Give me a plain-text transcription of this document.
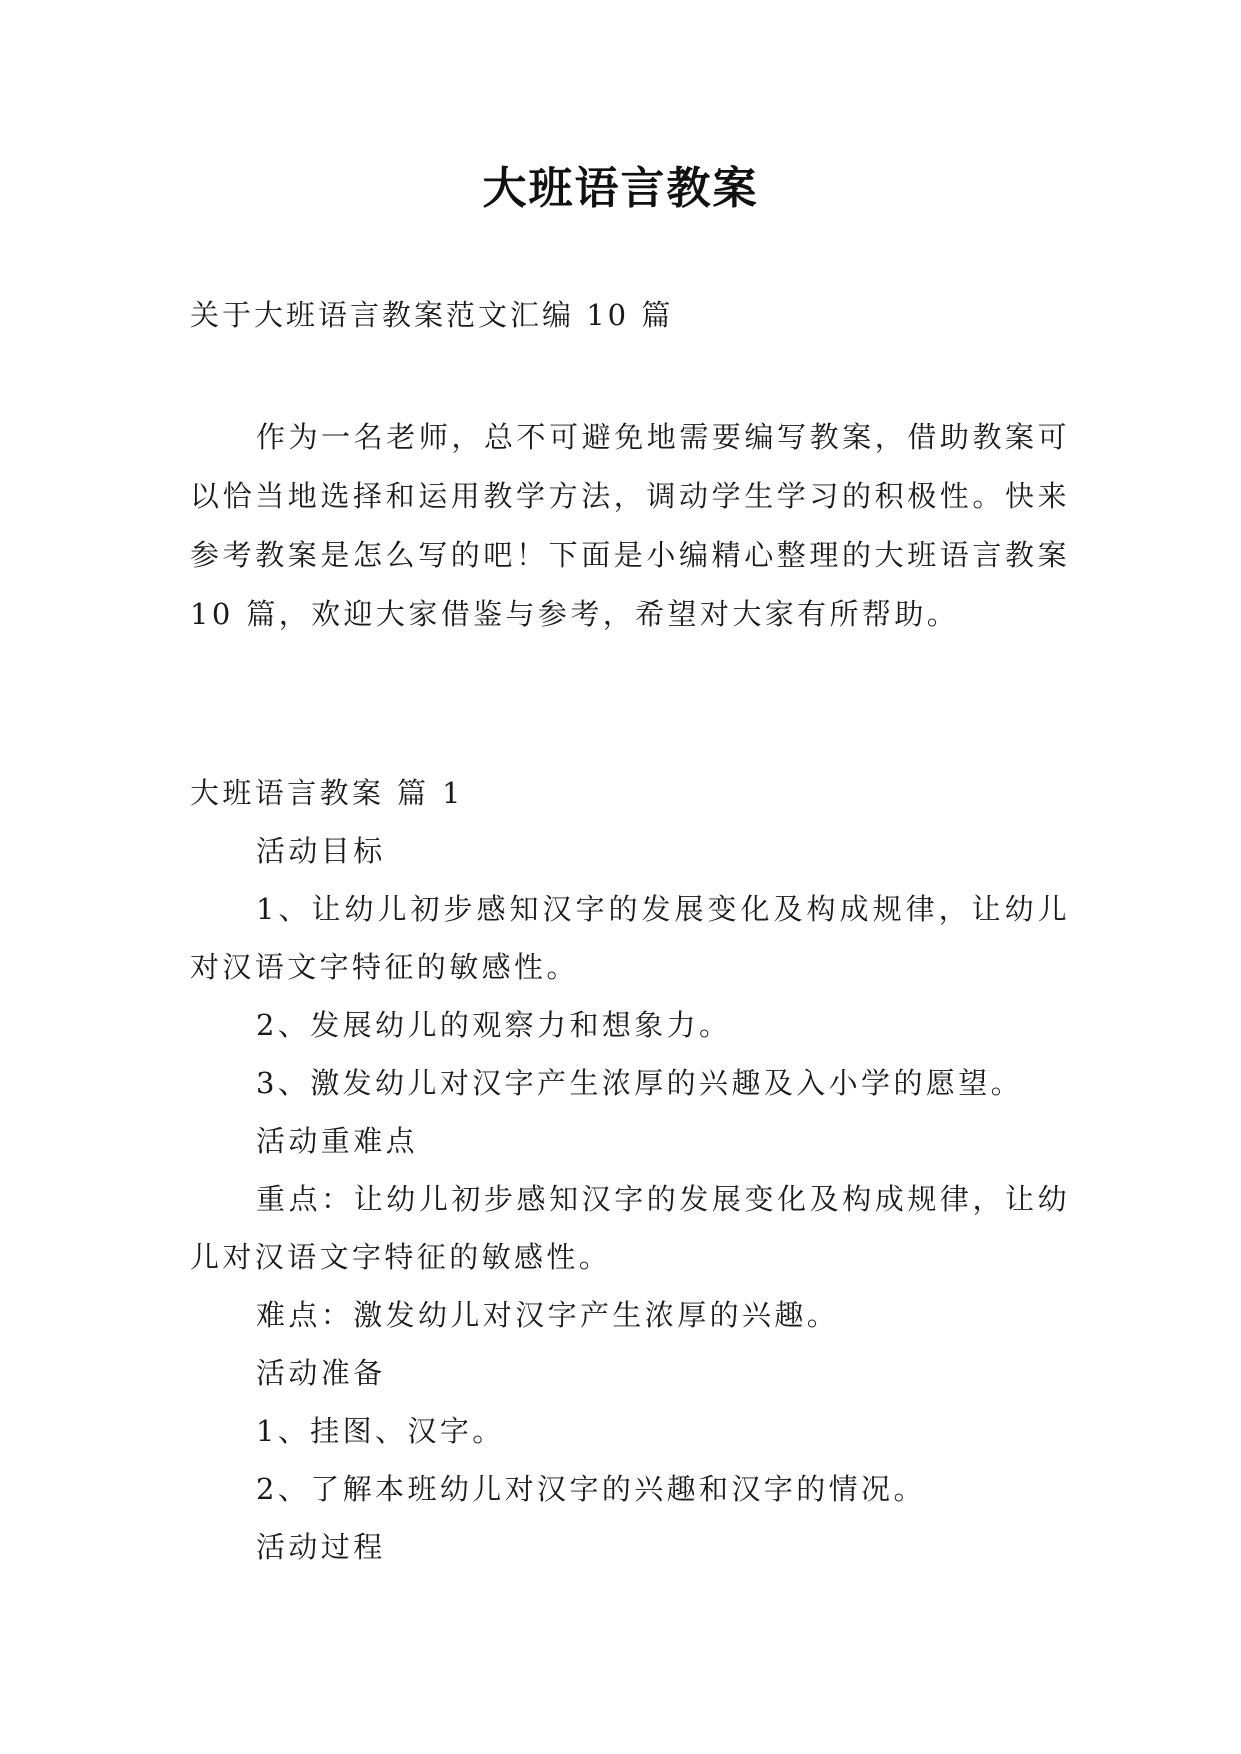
大班语言教案
关于大班语言教案范文汇编 10 篇

作为一名老师，总不可避免地需要编写教案，借助教案可以恰当地选择和运用教学方法，调动学生学习的积极性。快来参考教案是怎么写的吧！下面是小编精心整理的大班语言教案 10 篇，欢迎大家借鉴与参考，希望对大家有所帮助。

大班语言教案 篇 1

活动目标

1、让幼儿初步感知汉字的发展变化及构成规律，让幼儿对汉语文字特征的敏感性。

2、发展幼儿的观察力和想象力。

3、激发幼儿对汉字产生浓厚的兴趣及入小学的愿望。

活动重难点

重点：让幼儿初步感知汉字的发展变化及构成规律，让幼儿对汉语文字特征的敏感性。

难点：激发幼儿对汉字产生浓厚的兴趣。

活动准备

1、挂图、汉字。

2、了解本班幼儿对汉字的兴趣和汉字的情况。

活动过程
